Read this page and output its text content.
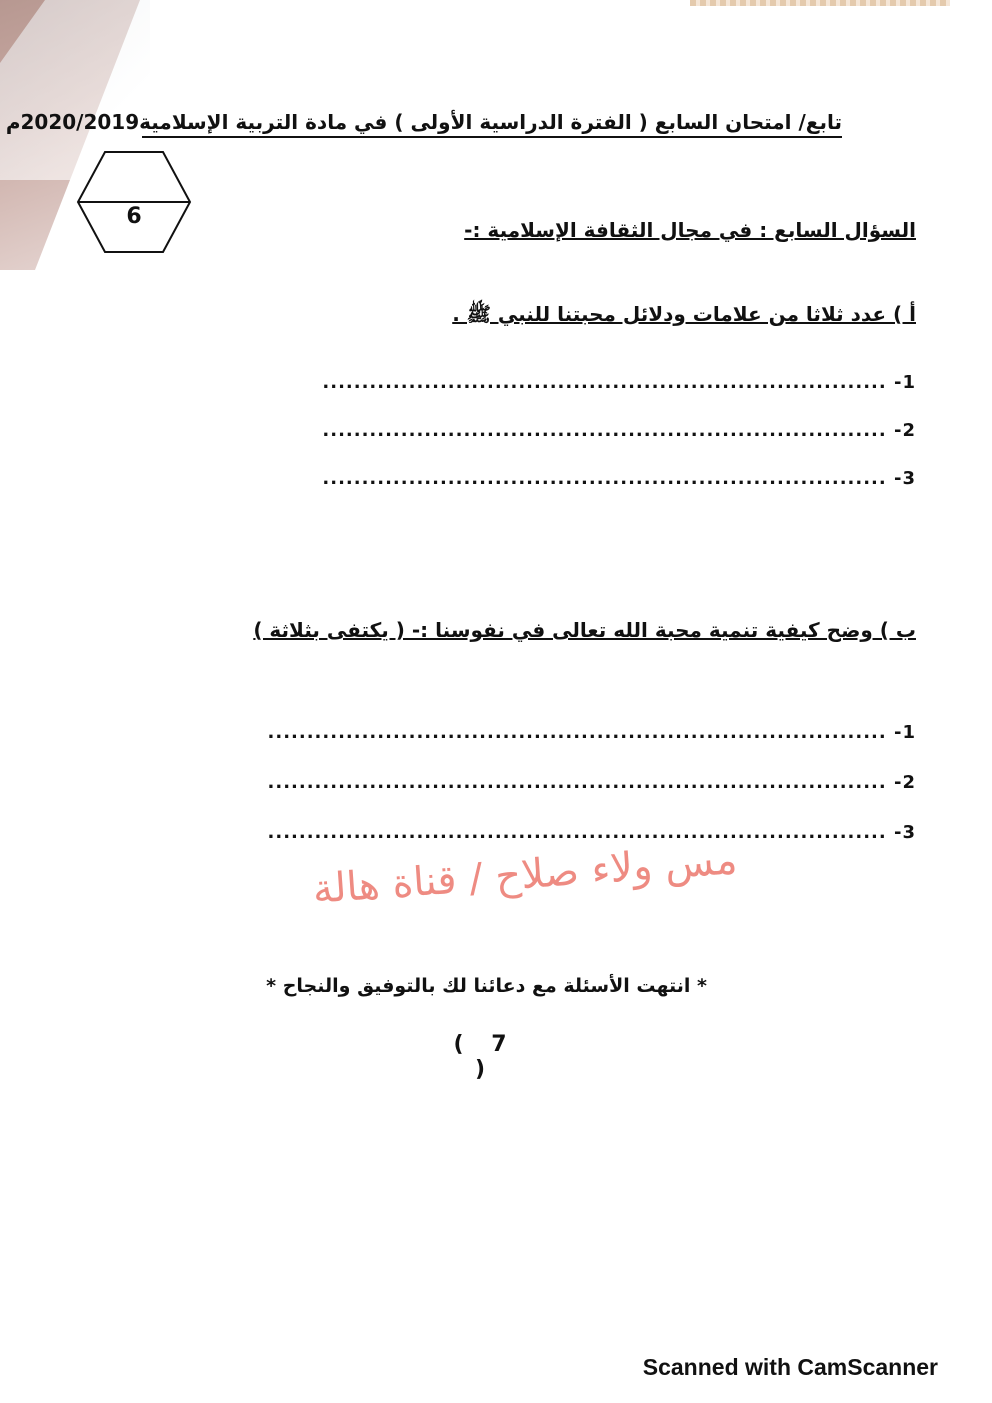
تابع/ امتحان السابع ( الفترة الدراسية الأولى ) في مادة التربية الإسلامية2020/2019م
6
السؤال السابع : في مجال الثقافة الإسلامية :-
أ ) عدد ثلاثا من علامات ودلائل محبتنا للنبي ﷺ .
1- ........................................................................
2- ........................................................................
3- ........................................................................
ب ) وضح كيفية تنمية محبة الله تعالى في نفوسنا :- ( يكتفى بثلاثة )
1- ...............................................................................
2- ...............................................................................
3- ...............................................................................
مس ولاء صلاح / قناة هالة
* انتهت الأسئلة مع دعائنا لك بالتوفيق والنجاح *
( 7 )
Scanned with CamScanner
